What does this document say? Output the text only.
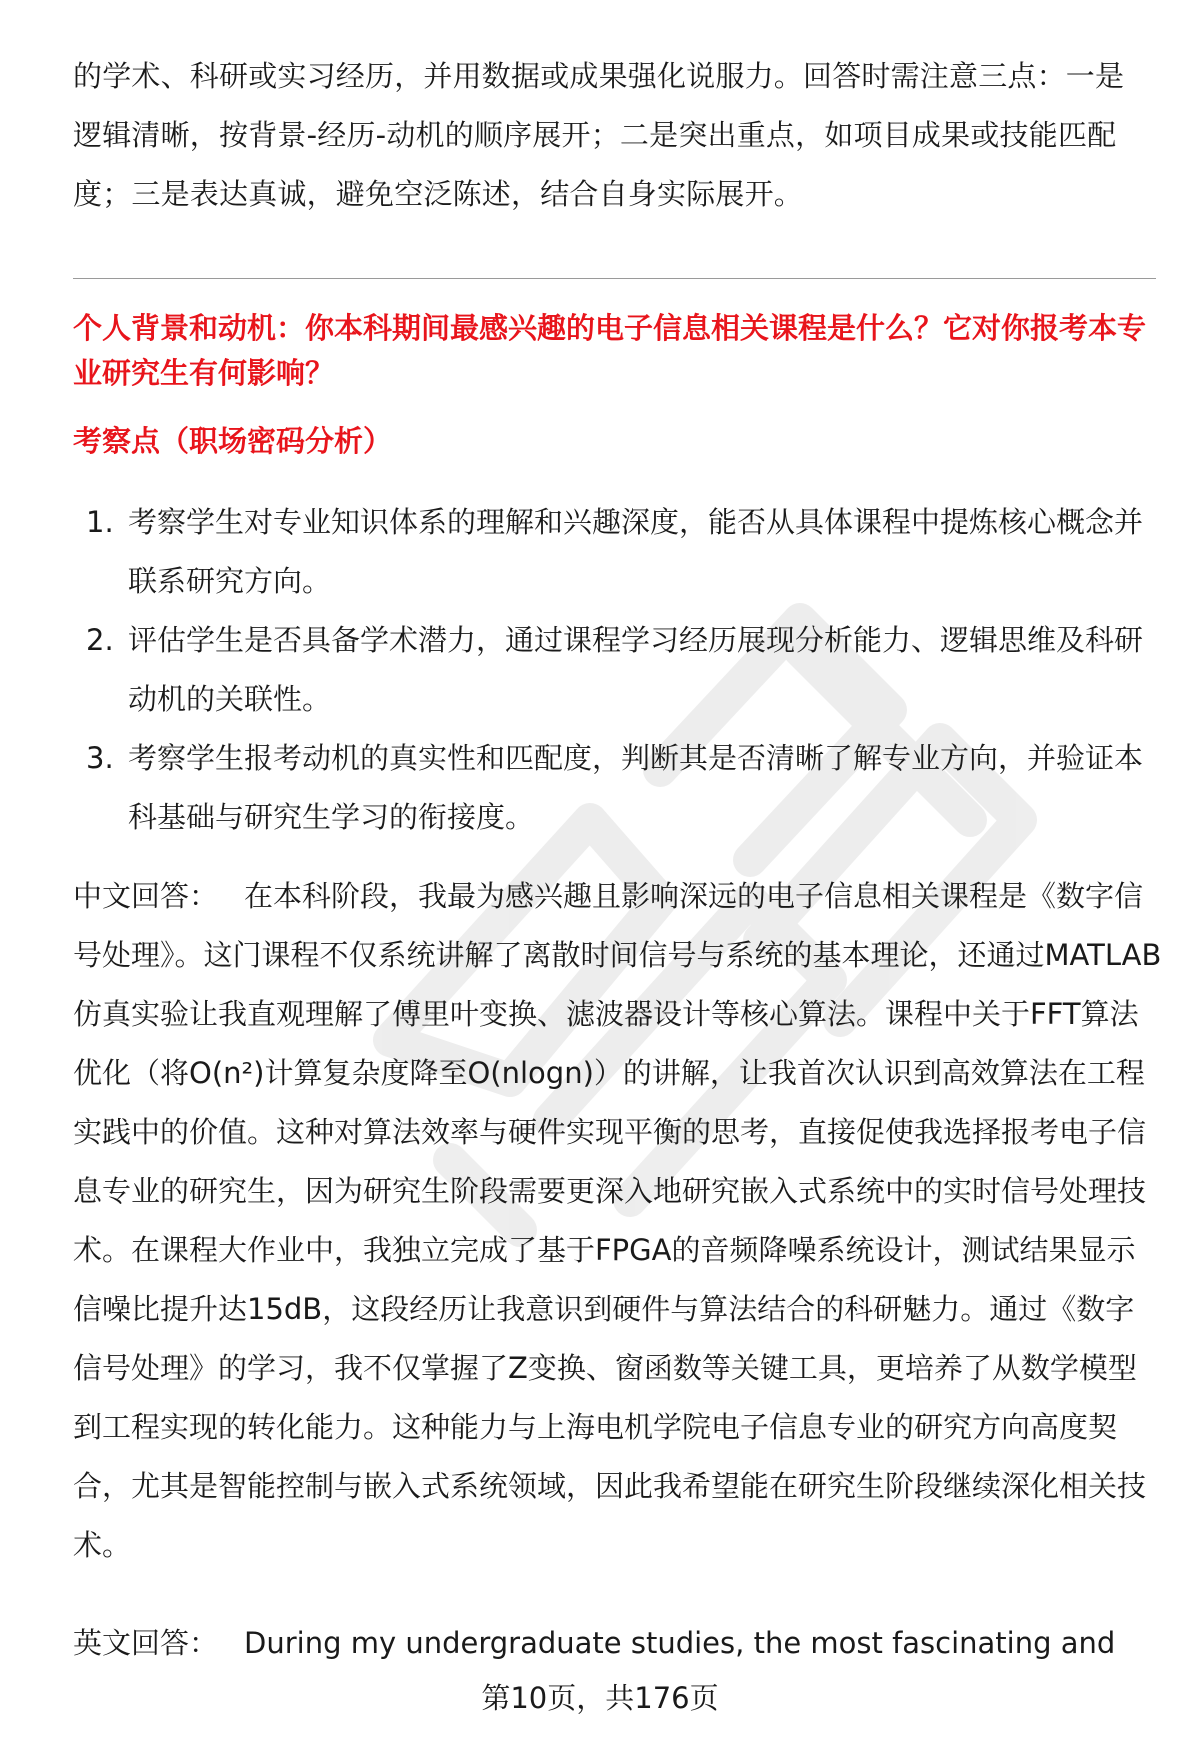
的学术、科研或实习经历，并用数据或成果强化说服力。回答时需注意三点：一是逻辑清晰，按背景-经历-动机的顺序展开；二是突出重点，如项目成果或技能匹配度；三是表达真诚，避免空泛陈述，结合自身实际展开。

个人背景和动机：你本科期间最感兴趣的电子信息相关课程是什么？它对你报考本专业研究生有何影响？

考察点（职场密码分析）

1. 考察学生对专业知识体系的理解和兴趣深度，能否从具体课程中提炼核心概念并联系研究方向。
2. 评估学生是否具备学术潜力，通过课程学习经历展现分析能力、逻辑思维及科研动机的关联性。
3. 考察学生报考动机的真实性和匹配度，判断其是否清晰了解专业方向，并验证本科基础与研究生学习的衔接度。

中文回答： 在本科阶段，我最为感兴趣且影响深远的电子信息相关课程是《数字信号处理》。这门课程不仅系统讲解了离散时间信号与系统的基本理论，还通过MATLAB仿真实验让我直观理解了傅里叶变换、滤波器设计等核心算法。课程中关于FFT算法优化（将O(n²)计算复杂度降至O(nlogn)）的讲解，让我首次认识到高效算法在工程实践中的价值。这种对算法效率与硬件实现平衡的思考，直接促使我选择报考电子信息专业的研究生，因为研究生阶段需要更深入地研究嵌入式系统中的实时信号处理技术。在课程大作业中，我独立完成了基于FPGA的音频降噪系统设计，测试结果显示信噪比提升达15dB，这段经历让我意识到硬件与算法结合的科研魅力。通过《数字信号处理》的学习，我不仅掌握了Z变换、窗函数等关键工具，更培养了从数学模型到工程实现的转化能力。这种能力与上海电机学院电子信息专业的研究方向高度契合，尤其是智能控制与嵌入式系统领域，因此我希望能在研究生阶段继续深化相关技术。

英文回答： During my undergraduate studies, the most fascinating and

第10页，共176页
